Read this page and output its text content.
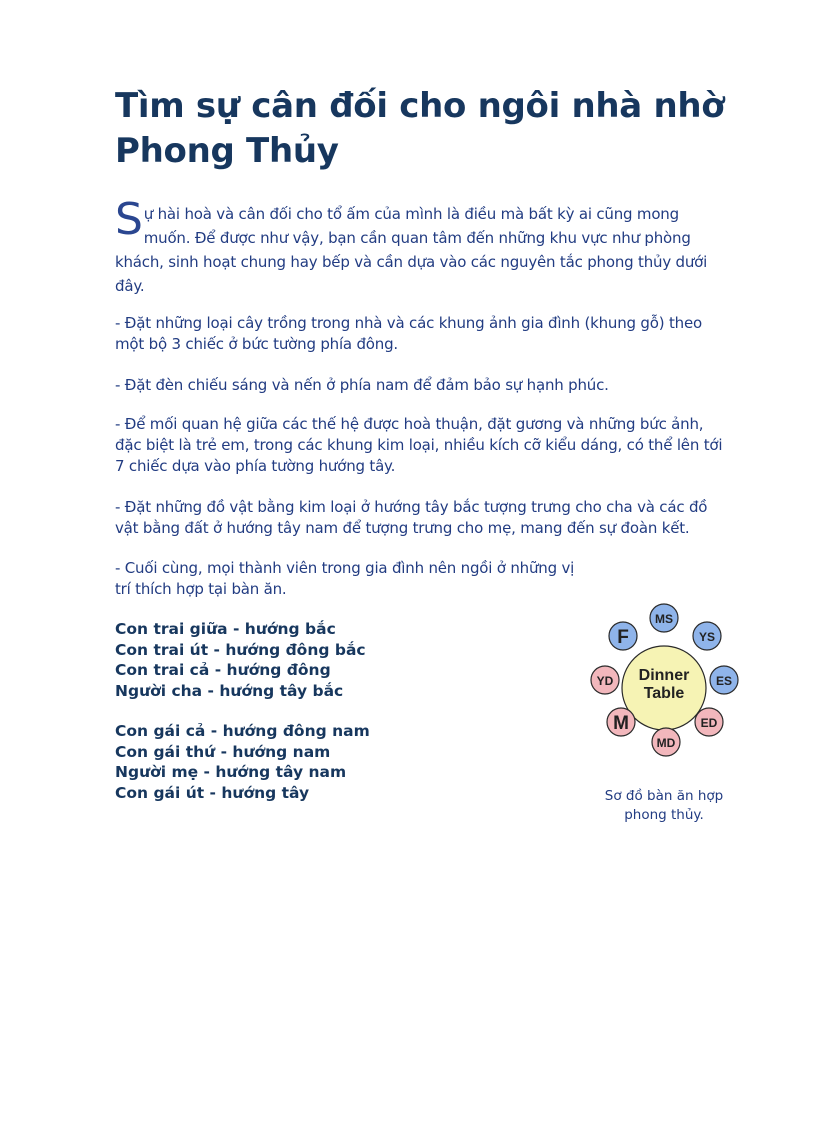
Tìm sự cân đối cho ngôi nhà nhờ Phong Thủy

Sự hài hoà và cân đối cho tổ ấm của mình là điều mà bất kỳ ai cũng mong muốn. Để được như vậy, bạn cần quan tâm đến những khu vực như phòng khách, sinh hoạt chung hay bếp và cần dựa vào các nguyên tắc phong thủy dưới đây.

- Đặt những loại cây trồng trong nhà và các khung ảnh gia đình (khung gỗ) theo một bộ 3 chiếc ở bức tường phía đông.

- Đặt đèn chiếu sáng và nến ở phía nam để đảm bảo sự hạnh phúc.

- Để mối quan hệ giữa các thế hệ được hoà thuận, đặt gương và những bức ảnh, đặc biệt là trẻ em, trong các khung kim loại, nhiều kích cỡ kiểu dáng, có thể lên tới 7 chiếc dựa vào phía tường hướng tây.

- Đặt những đồ vật bằng kim loại ở hướng tây bắc tượng trưng cho cha và các đồ vật bằng đất ở hướng tây nam để tượng trưng cho mẹ, mang đến sự đoàn kết.

- Cuối cùng, mọi thành viên trong gia đình nên ngồi ở những vị trí thích hợp tại bàn ăn.

Con trai giữa - hướng bắc
Con trai út - hướng đông bắc
Con trai cả - hướng đông
Người cha - hướng tây bắc
Con gái cả - hướng đông nam
Con gái thứ - hướng nam
Người mẹ - hướng tây nam
Con gái út - hướng tây
Dinner
Table
MS
YS
ES
ED
MD
M
YD
F
Sơ đồ bàn ăn hợp phong thủy.
